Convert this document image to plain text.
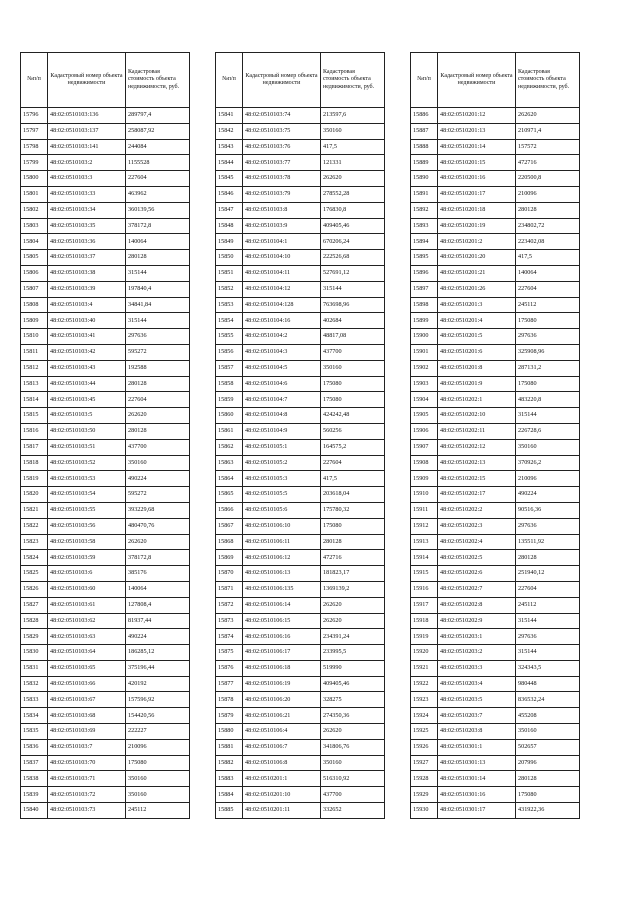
№п/п	Кадастровый номер объекта недвижимости	Кадастровая стоимость объекта недвижимости, руб.
15796	48:02:0510103:136	289797,4
15797	48:02:0510103:137	258087,92
15798	48:02:0510103:141	244084
15799	48:02:0510103:2	1155528
15800	48:02:0510103:3	227604
15801	48:02:0510103:33	463962
15802	48:02:0510103:34	360139,56
15803	48:02:0510103:35	378172,8
15804	48:02:0510103:36	140064
15805	48:02:0510103:37	280128
15806	48:02:0510103:38	315144
15807	48:02:0510103:39	197840,4
15808	48:02:0510103:4	34841,84
15809	48:02:0510103:40	315144
15810	48:02:0510103:41	297636
15811	48:02:0510103:42	595272
15812	48:02:0510103:43	192588
15813	48:02:0510103:44	280128
15814	48:02:0510103:45	227604
15815	48:02:0510103:5	262620
15816	48:02:0510103:50	280128
15817	48:02:0510103:51	437700
15818	48:02:0510103:52	350160
15819	48:02:0510103:53	490224
15820	48:02:0510103:54	595272
15821	48:02:0510103:55	393229,68
15822	48:02:0510103:56	480470,76
15823	48:02:0510103:58	262620
15824	48:02:0510103:59	378172,8
15825	48:02:0510103:6	385176
15826	48:02:0510103:60	140064
15827	48:02:0510103:61	127808,4
15828	48:02:0510103:62	81937,44
15829	48:02:0510103:63	490224
15830	48:02:0510103:64	186285,12
15831	48:02:0510103:65	375196,44
15832	48:02:0510103:66	420192
15833	48:02:0510103:67	157596,92
15834	48:02:0510103:68	154420,56
15835	48:02:0510103:69	222227
15836	48:02:0510103:7	210096
15837	48:02:0510103:70	175080
15838	48:02:0510103:71	350160
15839	48:02:0510103:72	350160
15840	48:02:0510103:73	245112
№п/п	Кадастровый номер объекта недвижимости	Кадастровая стоимость объекта недвижимости, руб.
15841	48:02:0510103:74	213597,6
15842	48:02:0510103:75	350160
15843	48:02:0510103:76	417,5
15844	48:02:0510103:77	121331
15845	48:02:0510103:78	262620
15846	48:02:0510103:79	278552,28
15847	48:02:0510103:8	176830,8
15848	48:02:0510103:9	409405,46
15849	48:02:0510104:1	670206,24
15850	48:02:0510104:10	222526,68
15851	48:02:0510104:11	527691,12
15852	48:02:0510104:12	315144
15853	48:02:0510104:128	763698,96
15854	48:02:0510104:16	402684
15855	48:02:0510104:2	48817,08
15856	48:02:0510104:3	437700
15857	48:02:0510104:5	350160
15858	48:02:0510104:6	175080
15859	48:02:0510104:7	175080
15860	48:02:0510104:8	424242,48
15861	48:02:0510104:9	560256
15862	48:02:0510105:1	164575,2
15863	48:02:0510105:2	227604
15864	48:02:0510105:3	417,5
15865	48:02:0510105:5	203618,04
15866	48:02:0510105:6	175780,32
15867	48:02:0510106:10	175080
15868	48:02:0510106:11	280128
15869	48:02:0510106:12	472716
15870	48:02:0510106:13	181823,17
15871	48:02:0510106:135	1369139,2
15872	48:02:0510106:14	262620
15873	48:02:0510106:15	262620
15874	48:02:0510106:16	234391,24
15875	48:02:0510106:17	233995,5
15876	48:02:0510106:18	519990
15877	48:02:0510106:19	409405,46
15878	48:02:0510106:20	328275
15879	48:02:0510106:21	274350,36
15880	48:02:0510106:4	262620
15881	48:02:0510106:7	341806,76
15882	48:02:0510106:8	350160
15883	48:02:0510201:1	516310,92
15884	48:02:0510201:10	437700
15885	48:02:0510201:11	332652
№п/п	Кадастровый номер объекта недвижимости	Кадастровая стоимость объекта недвижимости, руб.
15886	48:02:0510201:12	262620
15887	48:02:0510201:13	210971,4
15888	48:02:0510201:14	157572
15889	48:02:0510201:15	472716
15890	48:02:0510201:16	220500,8
15891	48:02:0510201:17	210096
15892	48:02:0510201:18	280128
15893	48:02:0510201:19	234802,72
15894	48:02:0510201:2	223402,08
15895	48:02:0510201:20	417,5
15896	48:02:0510201:21	140064
15897	48:02:0510201:26	227604
15898	48:02:0510201:3	245112
15899	48:02:0510201:4	175080
15900	48:02:0510201:5	297636
15901	48:02:0510201:6	325908,96
15902	48:02:0510201:8	287131,2
15903	48:02:0510201:9	175080
15904	48:02:0510202:1	483220,8
15905	48:02:0510202:10	315144
15906	48:02:0510202:11	226728,6
15907	48:02:0510202:12	350160
15908	48:02:0510202:13	370926,2
15909	48:02:0510202:15	210096
15910	48:02:0510202:17	490224
15911	48:02:0510202:2	90516,36
15912	48:02:0510202:3	297636
15913	48:02:0510202:4	135511,92
15914	48:02:0510202:5	280128
15915	48:02:0510202:6	251940,12
15916	48:02:0510202:7	227604
15917	48:02:0510202:8	245112
15918	48:02:0510202:9	315144
15919	48:02:0510203:1	297636
15920	48:02:0510203:2	315144
15921	48:02:0510203:3	324343,5
15922	48:02:0510203:4	980448
15923	48:02:0510203:5	836532,24
15924	48:02:0510203:7	455208
15925	48:02:0510203:8	350160
15926	48:02:0510301:1	502657
15927	48:02:0510301:13	207996
15928	48:02:0510301:14	280128
15929	48:02:0510301:16	175080
15930	48:02:0510301:17	431922,36
